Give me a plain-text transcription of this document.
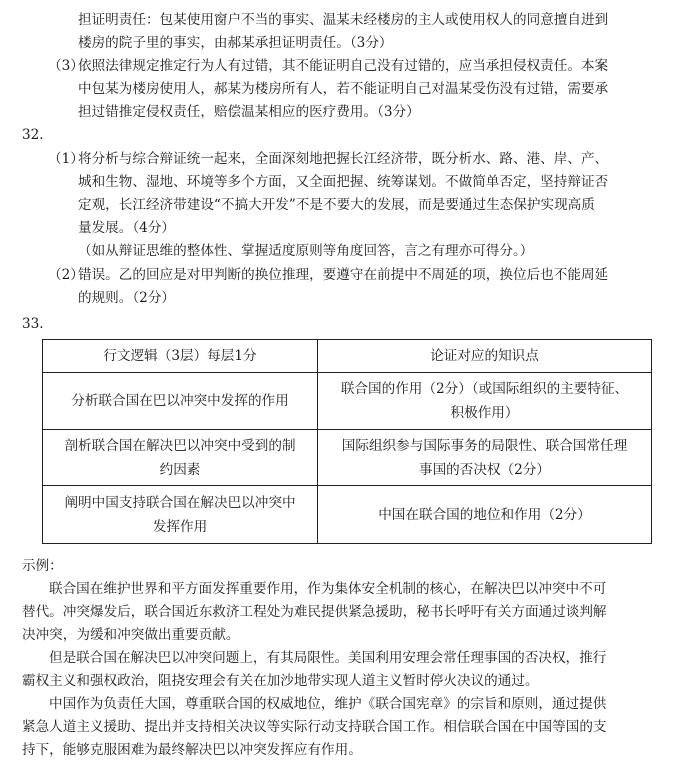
担证明责任：包某使用窗户不当的事实、温某未经楼房的主人或使用权人的同意擅自进到
楼房的院子里的事实，由郝某承担证明责任。（3分）
（3）
依照法律规定推定行为人有过错，其不能证明自己没有过错的，应当承担侵权责任。本案
中包某为楼房使用人，郝某为楼房所有人，若不能证明自己对温某受伤没有过错，需要承
担过错推定侵权责任，赔偿温某相应的医疗费用。（3分）
32.
（1）
将分析与综合辩证统一起来，全面深刻地把握长江经济带，既分析水、路、港、岸、产、
城和生物、湿地、环境等多个方面，又全面把握、统筹谋划。不做简单否定，坚持辩证否
定观，长江经济带建设“不搞大开发”不是不要大的发展，而是要通过生态保护实现高质
量发展。（4分）
（如从辩证思维的整体性、掌握适度原则等角度回答，言之有理亦可得分。）
（2）
错误。乙的回应是对甲判断的换位推理，要遵守在前提中不周延的项，换位后也不能周延
的规则。（2分）
33.
行文逻辑（3层）每层1分	论证对应的知识点
分析联合国在巴以冲突中发挥的作用	联合国的作用（2分）（或国际组织的主要特征、
积极作用）
剖析联合国在解决巴以冲突中受到的制
约因素	国际组织参与国际事务的局限性、联合国常任理
事国的否决权（2分）
阐明中国支持联合国在解决巴以冲突中
发挥作用	中国在联合国的地位和作用（2分）
示例：
联合国在维护世界和平方面发挥重要作用，作为集体安全机制的核心，在解决巴以冲突中不可
替代。冲突爆发后，联合国近东救济工程处为难民提供紧急援助，秘书长呼吁有关方面通过谈判解
决冲突，为缓和冲突做出重要贡献。
但是联合国在解决巴以冲突问题上，有其局限性。美国利用安理会常任理事国的否决权，推行
霸权主义和强权政治，阻挠安理会有关在加沙地带实现人道主义暂时停火决议的通过。
中国作为负责任大国，尊重联合国的权威地位，维护《联合国宪章》的宗旨和原则，通过提供
紧急人道主义援助、提出并支持相关决议等实际行动支持联合国工作。相信联合国在中国等国的支
持下，能够克服困难为最终解决巴以冲突发挥应有作用。
